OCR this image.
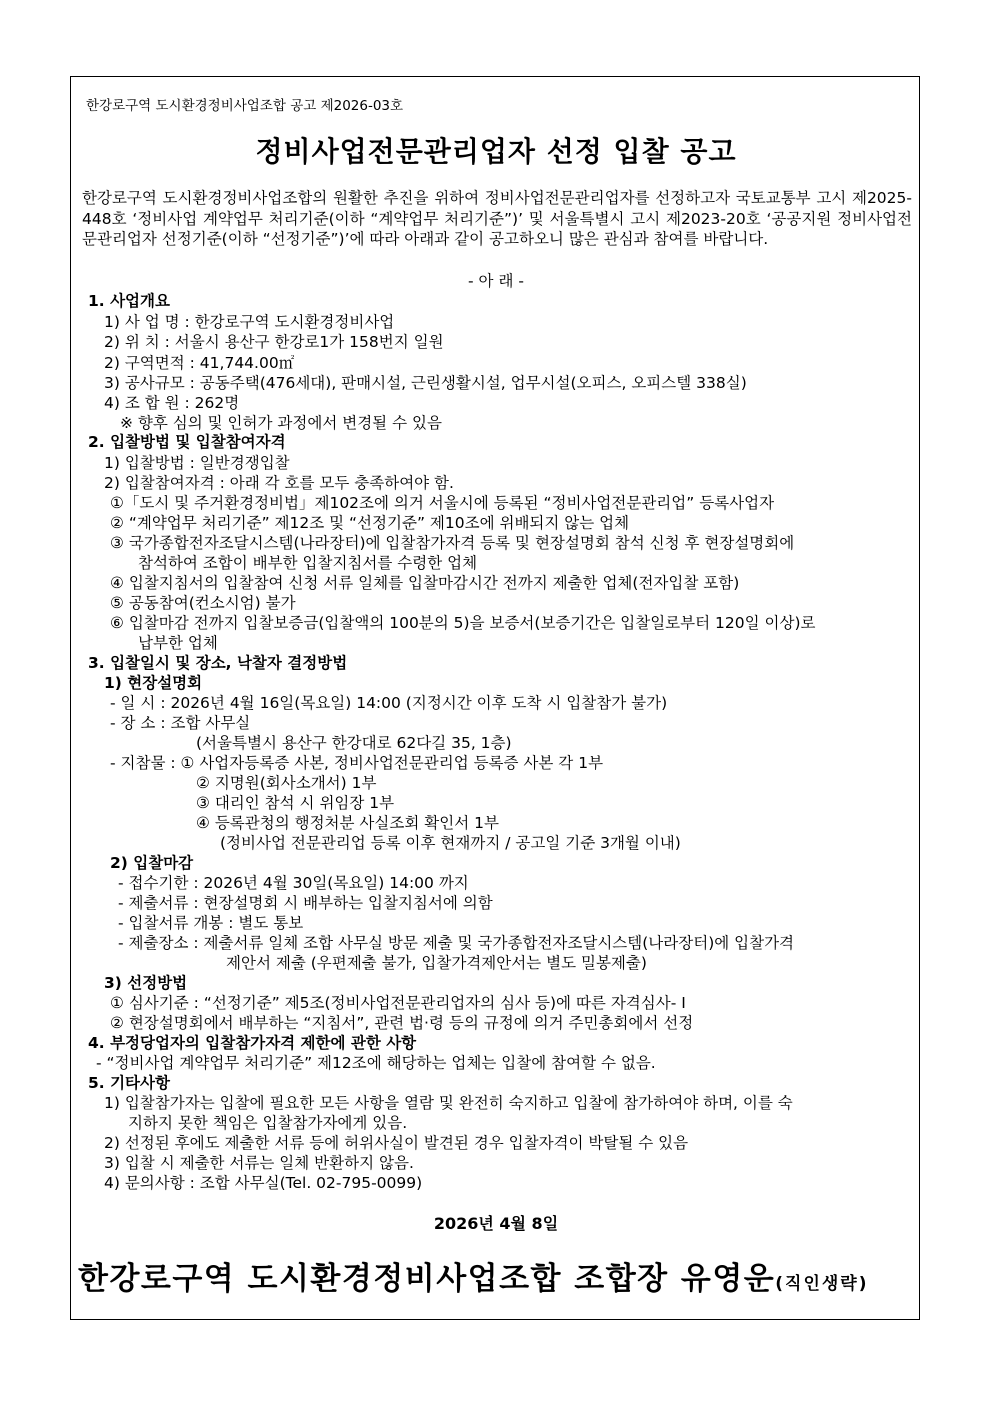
한강로구역 도시환경정비사업조합 공고 제2026-03호
정비사업전문관리업자 선정 입찰 공고
한강로구역 도시환경정비사업조합의 원활한 추진을 위하여 정비사업전문관리업자를 선정하고자 국토교통부 고시 제2025-448호 ‘정비사업 계약업무 처리기준(이하 “계약업무 처리기준”)’ 및 서울특별시 고시 제2023-20호 ‘공공지원 정비사업전문관리업자 선정기준(이하 “선정기준”)’에 따라 아래과 같이 공고하오니 많은 관심과 참여를 바랍니다.
- 아 래 -
1. 사업개요
1) 사 업 명 : 한강로구역 도시환경정비사업
2) 위 치 : 서울시 용산구 한강로1가 158번지 일원
2) 구역면적 : 41,744.00㎡
3) 공사규모 : 공동주택(476세대), 판매시설, 근린생활시설, 업무시설(오피스, 오피스텔 338실)
4) 조 합 원 : 262명
※ 향후 심의 및 인허가 과정에서 변경될 수 있음
2. 입찰방법 및 입찰참여자격
1) 입찰방법 : 일반경쟁입찰
2) 입찰참여자격 : 아래 각 호를 모두 충족하여야 함.
①「도시 및 주거환경정비법」제102조에 의거 서울시에 등록된 “정비사업전문관리업” 등록사업자
② “계약업무 처리기준” 제12조 및 “선정기준” 제10조에 위배되지 않는 업체
③ 국가종합전자조달시스템(나라장터)에 입찰참가자격 등록 및 현장설명회 참석 신청 후 현장설명회에
참석하여 조합이 배부한 입찰지침서를 수령한 업체
④ 입찰지침서의 입찰참여 신청 서류 일체를 입찰마감시간 전까지 제출한 업체(전자입찰 포함)
⑤ 공동참여(컨소시엄) 불가
⑥ 입찰마감 전까지 입찰보증금(입찰액의 100분의 5)을 보증서(보증기간은 입찰일로부터 120일 이상)로
납부한 업체
3. 입찰일시 및 장소, 낙찰자 결정방법
1) 현장설명회
- 일 시 : 2026년 4월 16일(목요일) 14:00 (지정시간 이후 도착 시 입찰참가 불가)
- 장 소 : 조합 사무실
(서울특별시 용산구 한강대로 62다길 35, 1층)
- 지참물 : ① 사업자등록증 사본, 정비사업전문관리업 등록증 사본 각 1부
② 지명원(회사소개서) 1부
③ 대리인 참석 시 위임장 1부
④ 등록관청의 행정처분 사실조회 확인서 1부
(정비사업 전문관리업 등록 이후 현재까지 / 공고일 기준 3개월 이내)
2) 입찰마감
- 접수기한 : 2026년 4월 30일(목요일) 14:00 까지
- 제출서류 : 현장설명회 시 배부하는 입찰지침서에 의함
- 입찰서류 개봉 : 별도 통보
- 제출장소 : 제출서류 일체 조합 사무실 방문 제출 및 국가종합전자조달시스템(나라장터)에 입찰가격
제안서 제출 (우편제출 불가, 입찰가격제안서는 별도 밀봉제출)
3) 선정방법
① 심사기준 : “선정기준” 제5조(정비사업전문관리업자의 심사 등)에 따른 자격심사- Ⅰ
② 현장설명회에서 배부하는 “지침서”, 관련 법·령 등의 규정에 의거 주민총회에서 선정
4. 부정당업자의 입찰참가자격 제한에 관한 사항
- “정비사업 계약업무 처리기준” 제12조에 해당하는 업체는 입찰에 참여할 수 없음.
5. 기타사항
1) 입찰참가자는 입찰에 필요한 모든 사항을 열람 및 완전히 숙지하고 입찰에 참가하여야 하며, 이를 숙
지하지 못한 책임은 입찰참가자에게 있음.
2) 선정된 후에도 제출한 서류 등에 허위사실이 발견된 경우 입찰자격이 박탈될 수 있음
3) 입찰 시 제출한 서류는 일체 반환하지 않음.
4) 문의사항 : 조합 사무실(Tel. 02-795-0099)
2026년 4월 8일
한강로구역 도시환경정비사업조합 조합장 유영운(직인생략)
